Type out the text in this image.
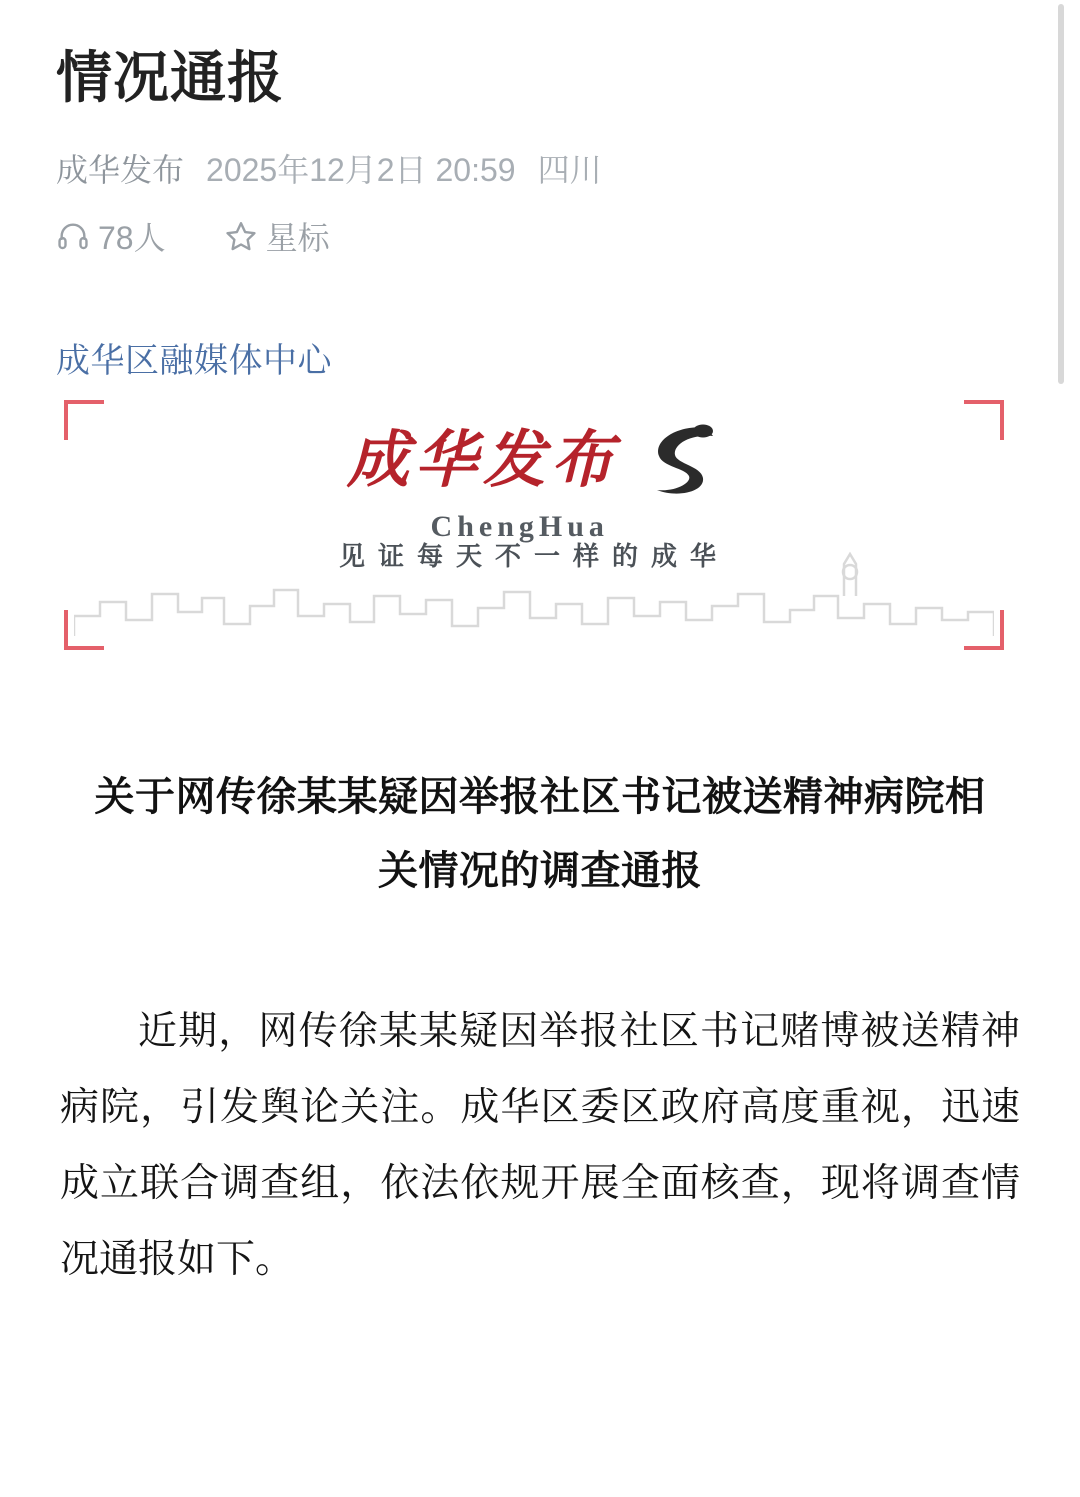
情况通报
成华发布 2025年12月2日 20:59 四川
78人	星标
成华区融媒体中心
成华发布
ChengHua
见证每天不一样的成华
关于网传徐某某疑因举报社区书记被送精神病院相关情况的调查通报

近期，网传徐某某疑因举报社区书记赌博被送精神病院，引发舆论关注。成华区委区政府高度重视，迅速成立联合调查组，依法依规开展全面核查，现将调查情况通报如下。
